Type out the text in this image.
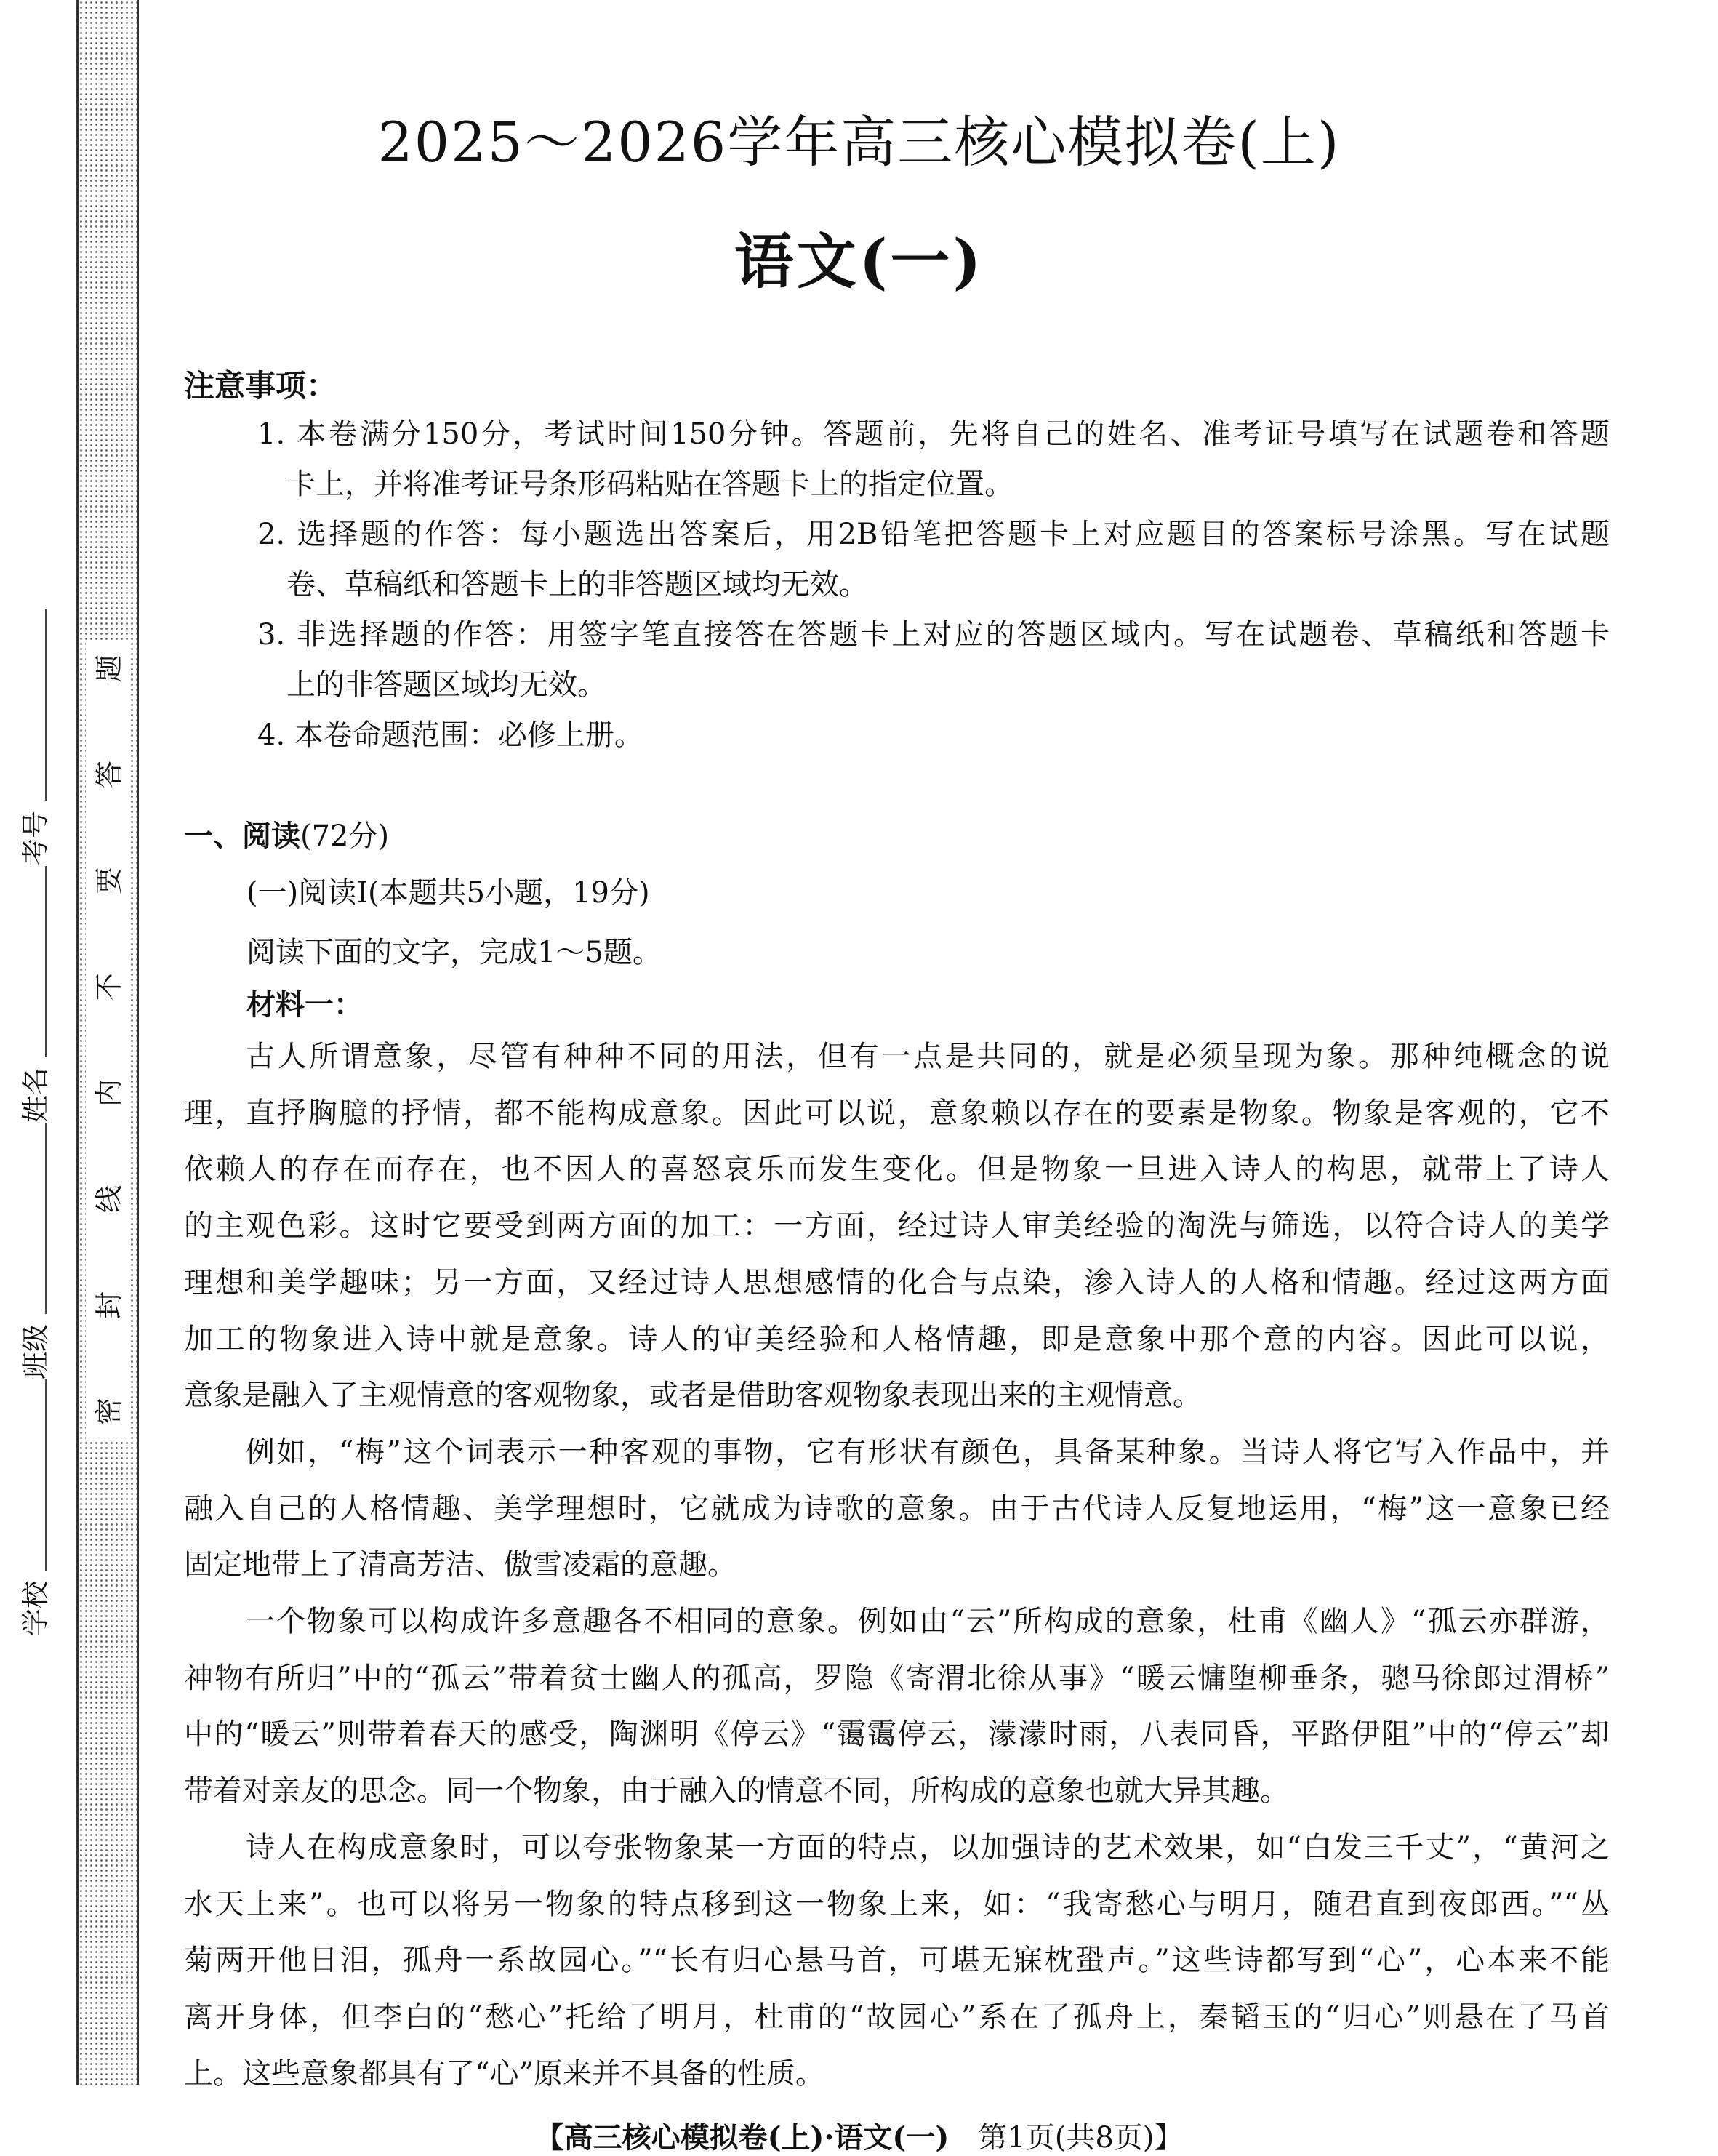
密
封
线
内
不
要
答
题
学校
班级
姓名
考号
2025～2026学年高三核心模拟卷(上)
语文(一)
注意事项：
1. 本卷满分150分，考试时间150分钟。答题前，先将自己的姓名、准考证号填写在试题卷和答题
卡上，并将准考证号条形码粘贴在答题卡上的指定位置。
2. 选择题的作答：每小题选出答案后，用2B铅笔把答题卡上对应题目的答案标号涂黑。写在试题
卷、草稿纸和答题卡上的非答题区域均无效。
3. 非选择题的作答：用签字笔直接答在答题卡上对应的答题区域内。写在试题卷、草稿纸和答题卡
上的非答题区域均无效。
4. 本卷命题范围：必修上册。
一、阅读(72分)
(一)阅读Ⅰ(本题共5小题，19分)
阅读下面的文字，完成1～5题。
材料一：
古人所谓意象，尽管有种种不同的用法，但有一点是共同的，就是必须呈现为象。那种纯概念的说
理，直抒胸臆的抒情，都不能构成意象。因此可以说，意象赖以存在的要素是物象。物象是客观的，它不
依赖人的存在而存在，也不因人的喜怒哀乐而发生变化。但是物象一旦进入诗人的构思，就带上了诗人
的主观色彩。这时它要受到两方面的加工：一方面，经过诗人审美经验的淘洗与筛选，以符合诗人的美学
理想和美学趣味；另一方面，又经过诗人思想感情的化合与点染，渗入诗人的人格和情趣。经过这两方面
加工的物象进入诗中就是意象。诗人的审美经验和人格情趣，即是意象中那个意的内容。因此可以说，
意象是融入了主观情意的客观物象，或者是借助客观物象表现出来的主观情意。
例如，“梅”这个词表示一种客观的事物，它有形状有颜色，具备某种象。当诗人将它写入作品中，并
融入自己的人格情趣、美学理想时，它就成为诗歌的意象。由于古代诗人反复地运用，“梅”这一意象已经
固定地带上了清高芳洁、傲雪凌霜的意趣。
一个物象可以构成许多意趣各不相同的意象。例如由“云”所构成的意象，杜甫《幽人》“孤云亦群游，
神物有所归”中的“孤云”带着贫士幽人的孤高，罗隐《寄渭北徐从事》“暖云慵堕柳垂条，骢马徐郎过渭桥”
中的“暖云”则带着春天的感受，陶渊明《停云》“霭霭停云，濛濛时雨，八表同昏，平路伊阻”中的“停云”却
带着对亲友的思念。同一个物象，由于融入的情意不同，所构成的意象也就大异其趣。
诗人在构成意象时，可以夸张物象某一方面的特点，以加强诗的艺术效果，如“白发三千丈”，“黄河之
水天上来”。也可以将另一物象的特点移到这一物象上来，如：“我寄愁心与明月，随君直到夜郎西。”“丛
菊两开他日泪，孤舟一系故园心。”“长有归心悬马首，可堪无寐枕蛩声。”这些诗都写到“心”，心本来不能
离开身体，但李白的“愁心”托给了明月，杜甫的“故园心”系在了孤舟上，秦韬玉的“归心”则悬在了马首
上。这些意象都具有了“心”原来并不具备的性质。
【高三核心模拟卷(上)·语文(一)　 第1页(共8页)】
